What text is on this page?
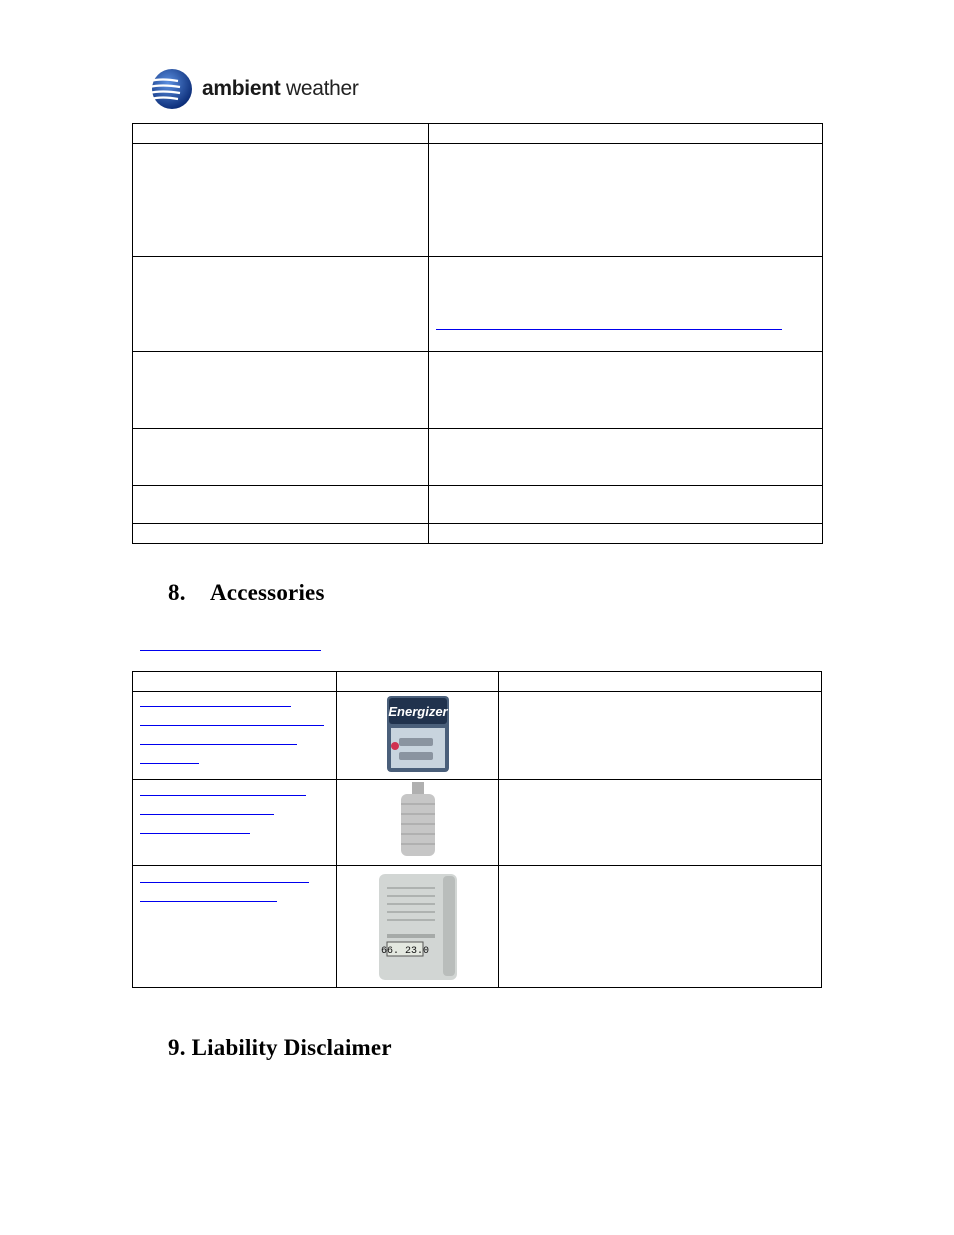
ambient weather

8. Accessories

Energizer	

66. 23.0	

9. Liability Disclaimer
